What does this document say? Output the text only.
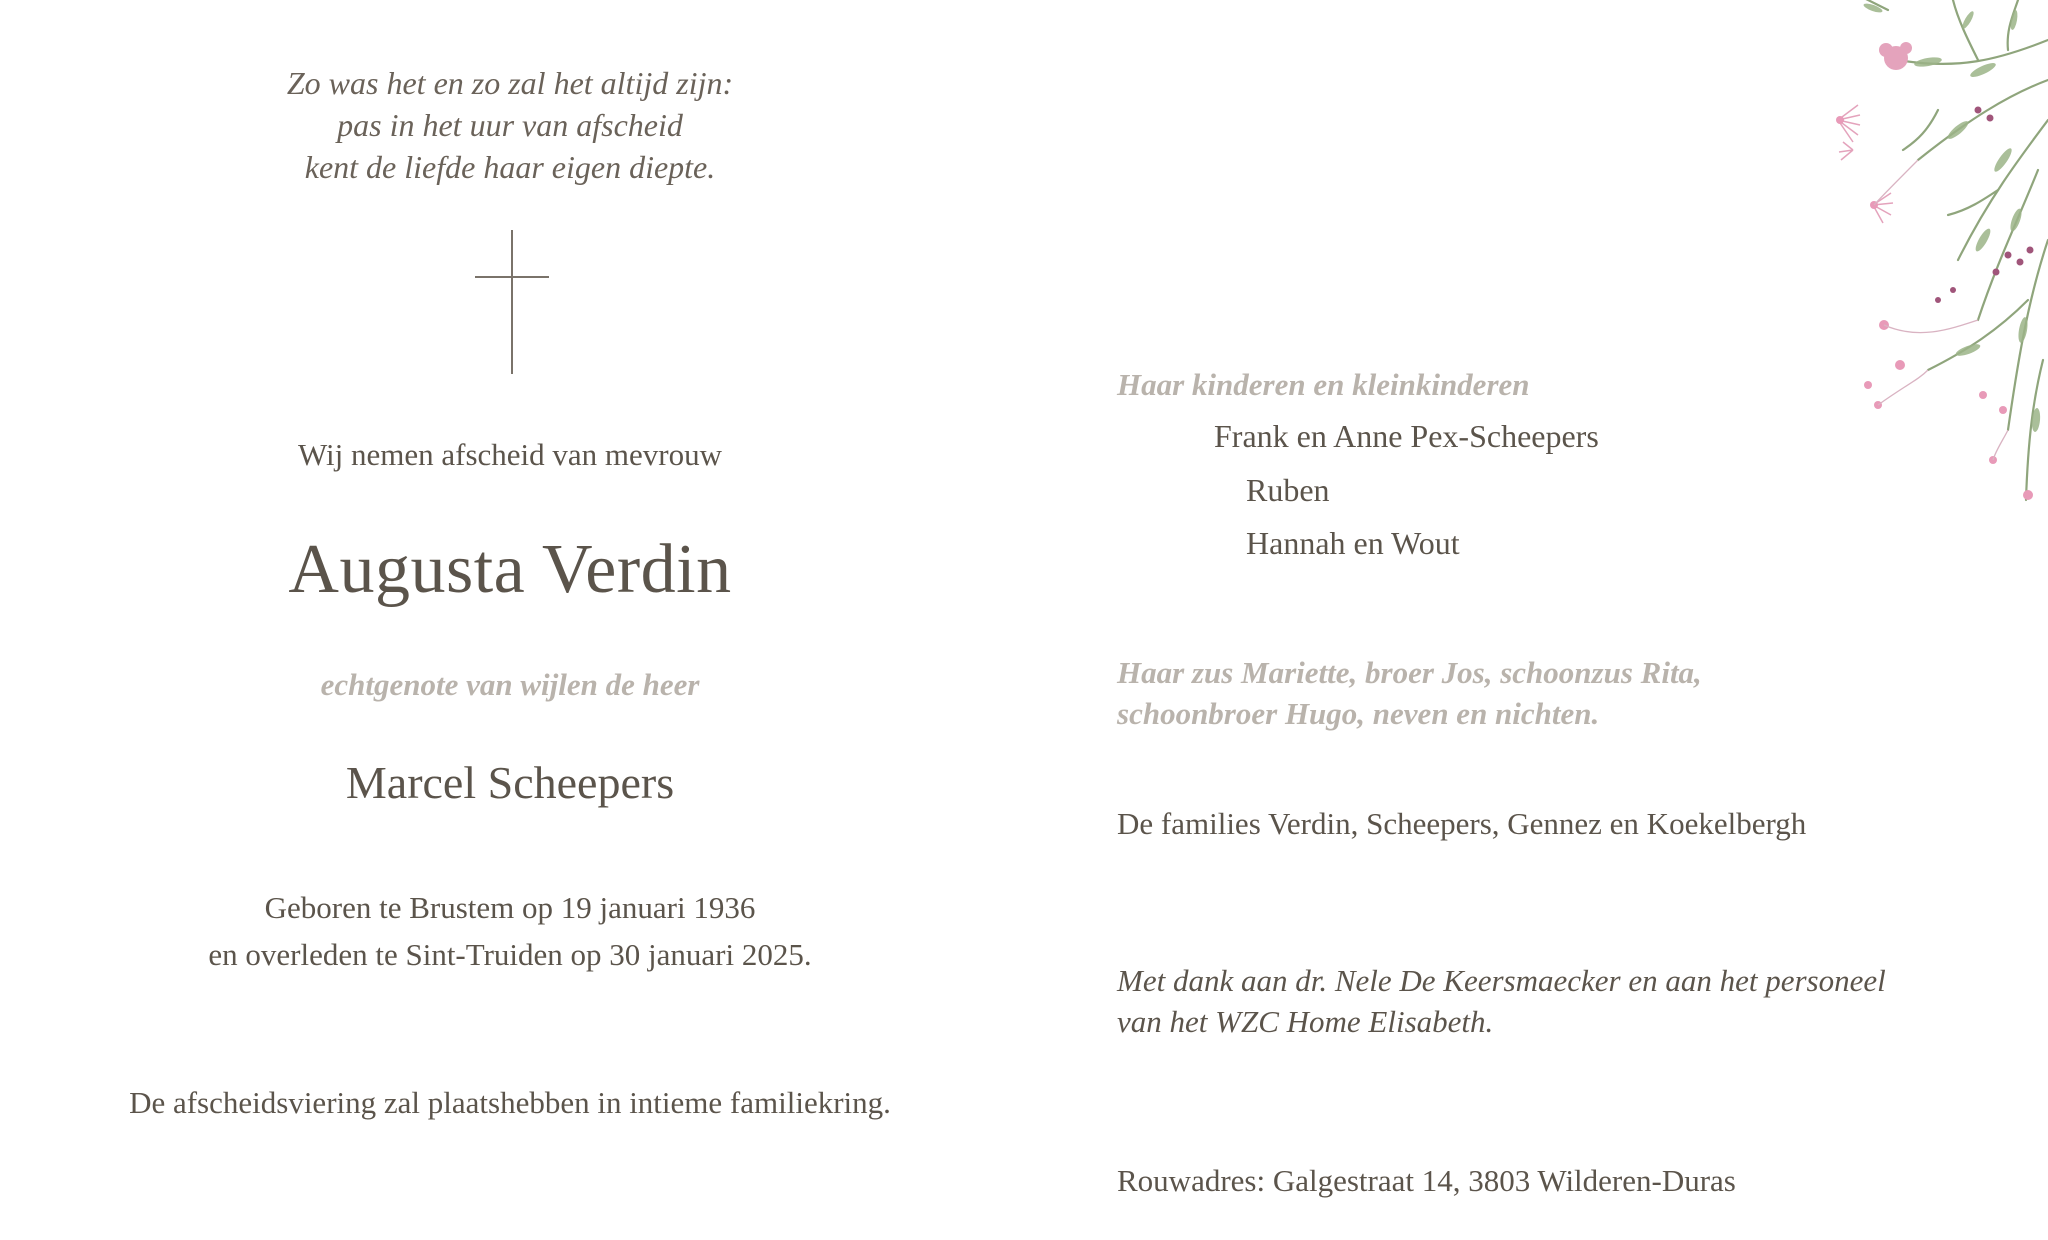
Zo was het en zo zal het altijd zijn:
pas in het uur van afscheid
kent de liefde haar eigen diepte.
Wij nemen afscheid van mevrouw
Augusta Verdin
echtgenote van wijlen de heer
Marcel Scheepers
Geboren te Brustem op 19 januari 1936
en overleden te Sint-Truiden op 30 januari 2025.
De afscheidsviering zal plaatshebben in intieme familiekring.
Haar kinderen en kleinkinderen
Frank en Anne Pex-Scheepers
Ruben
Hannah en Wout
Haar zus Mariette, broer Jos, schoonzus Rita,
schoonbroer Hugo, neven en nichten.
De families Verdin, Scheepers, Gennez en Koekelbergh
Met dank aan dr. Nele De Keersmaecker en aan het personeel
van het WZC Home Elisabeth.
Rouwadres: Galgestraat 14, 3803 Wilderen-Duras
